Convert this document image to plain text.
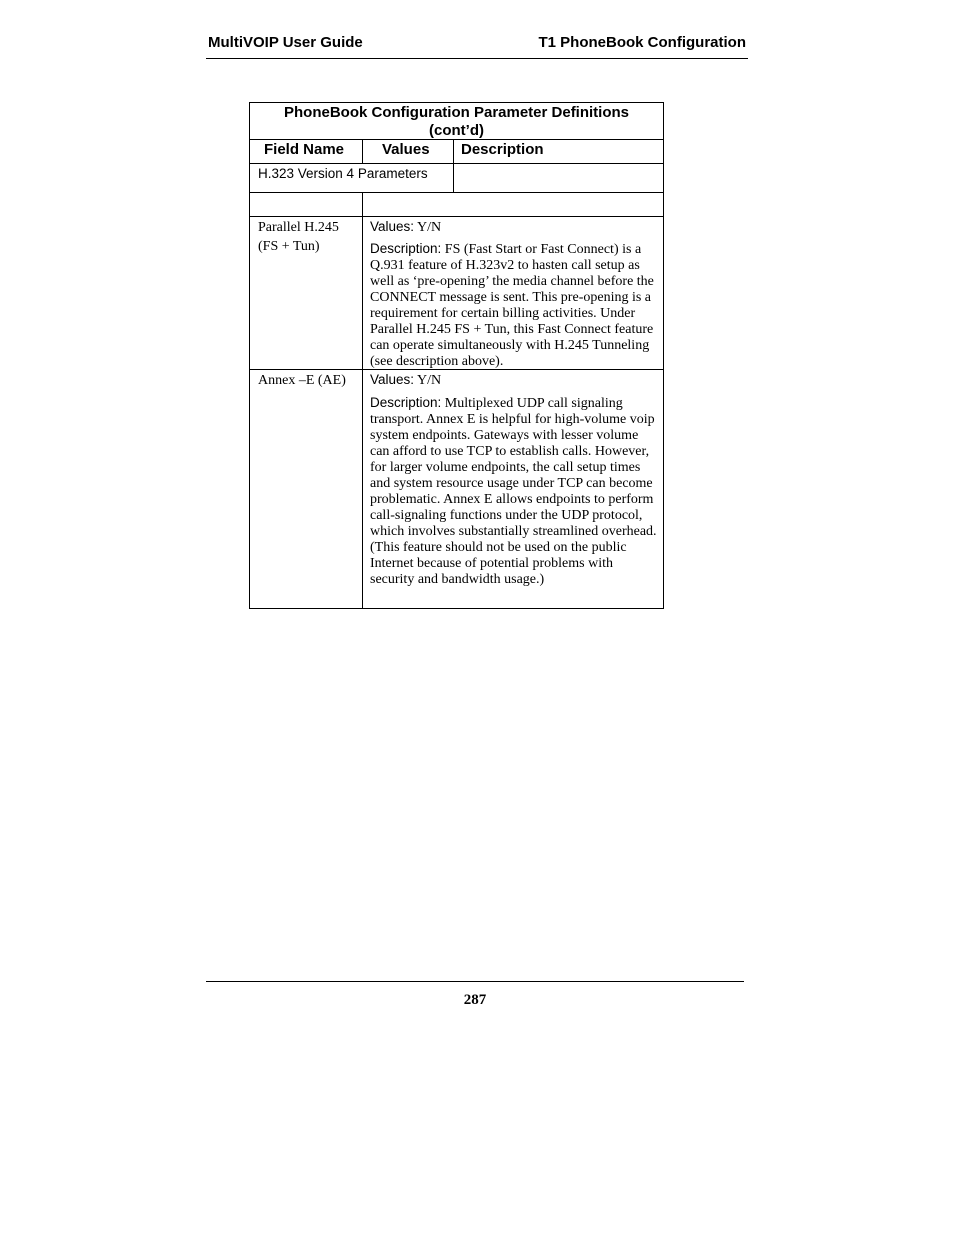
MultiVOIP User Guide	T1 PhoneBook Configuration
PhoneBook Configuration Parameter Definitions
(cont’d)
Field Name	Values Description
H.323 Version 4 Parameters
Parallel H.245
(FS + Tun)

Values: Y/N

Description: FS (Fast Start or Fast Connect) is a Q.931 feature of H.323v2 to hasten call setup as well as ‘pre-opening’ the media channel before the CONNECT message is sent. This pre-opening is a requirement for certain billing activities. Under Parallel H.245 FS + Tun, this Fast Connect feature can operate simultaneously with H.245 Tunneling (see description above).

Annex –E (AE) Values: Y/N

Description: Multiplexed UDP call signaling transport. Annex E is helpful for high-volume voip system endpoints. Gateways with lesser volume can afford to use TCP to establish calls. However, for larger volume endpoints, the call setup times and system resource usage under TCP can become problematic. Annex E allows endpoints to perform call-signaling functions under the UDP protocol, which involves substantially streamlined overhead. (This feature should not be used on the public Internet because of potential problems with security and bandwidth usage.)

287
